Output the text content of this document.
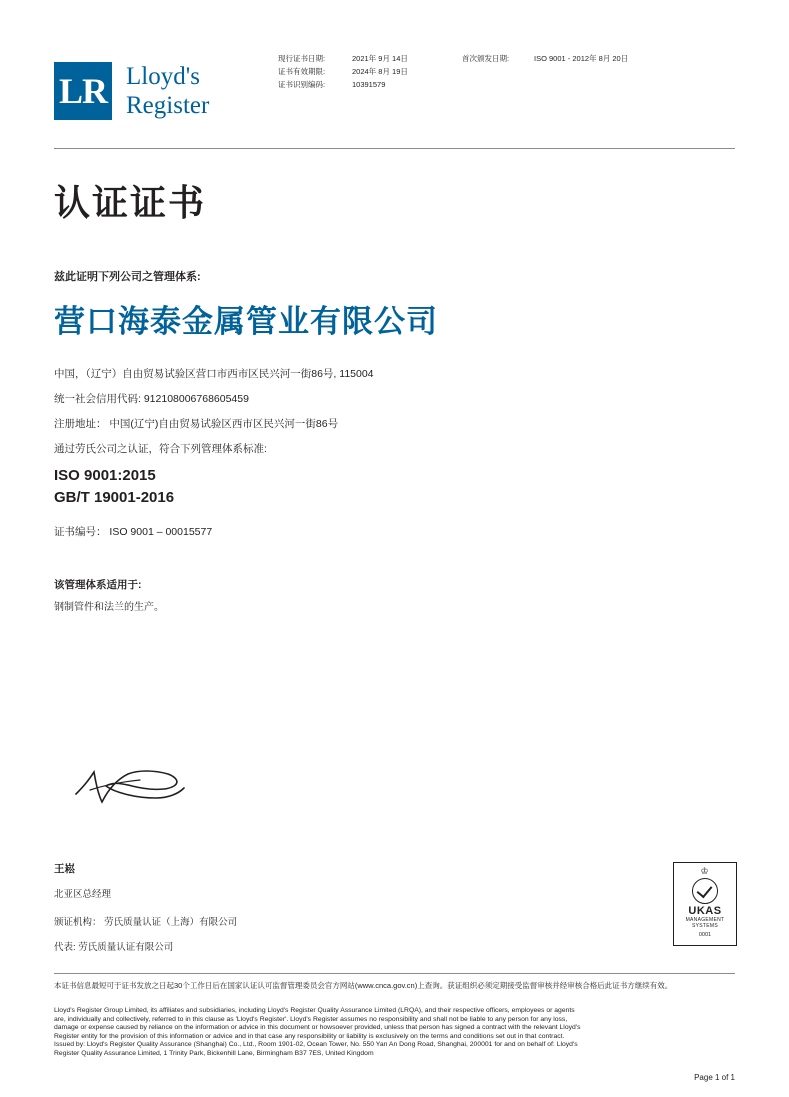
LR Lloyd's
Register
现行证书日期:
证书有效期限:
证书识别编码:
2021年 9月 14日
2024年 8月 19日
10391579
首次颁发日期:	ISO 9001 - 2012年 8月 20日
认证证书
兹此证明下列公司之管理体系:
营口海泰金属管业有限公司
中国，（辽宁）自由贸易试验区营口市西市区民兴河一街86号, 115004
统一社会信用代码: 912108006768605459
注册地址： 中国(辽宁)自由贸易试验区西市区民兴河一街86号
通过劳氏公司之认证，符合下列管理体系标准:
ISO 9001:2015
GB/T 19001-2016
证书编号： ISO 9001 – 00015577
该管理体系适用于:
钢制管件和法兰的生产。
王崧
北亚区总经理
颁证机构： 劳氏质量认证（上海）有限公司
代表: 劳氏质量认证有限公司
♔
UKAS
MANAGEMENT
SYSTEMS
0001
本证书信息最短可于证书发放之日起30个工作日后在国家认证认可监督管理委员会官方网站(www.cnca.gov.cn)上查询。获证组织必须定期接受监督审核并经审核合格后此证书方继续有效。
Lloyd's Register Group Limited, its affiliates and subsidiaries, including Lloyd's Register Quality Assurance Limited (LRQA), and their respective officers, employees or agents
are, individually and collectively, referred to in this clause as 'Lloyd's Register'. Lloyd's Register assumes no responsibility and shall not be liable to any person for any loss,
damage or expense caused by reliance on the information or advice in this document or howsoever provided, unless that person has signed a contract with the relevant Lloyd's
Register entity for the provision of this information or advice and in that case any responsibility or liability is exclusively on the terms and conditions set out in that contract.
Issued by: Lloyd's Register Quality Assurance (Shanghai) Co., Ltd., Room 1901-02, Ocean Tower, No. 550 Yan An Dong Road, Shanghai, 200001 for and on behalf of: Lloyd's
Register Quality Assurance Limited, 1 Trinity Park, Bickenhill Lane, Birmingham B37 7ES, United Kingdom
Page 1 of 1
